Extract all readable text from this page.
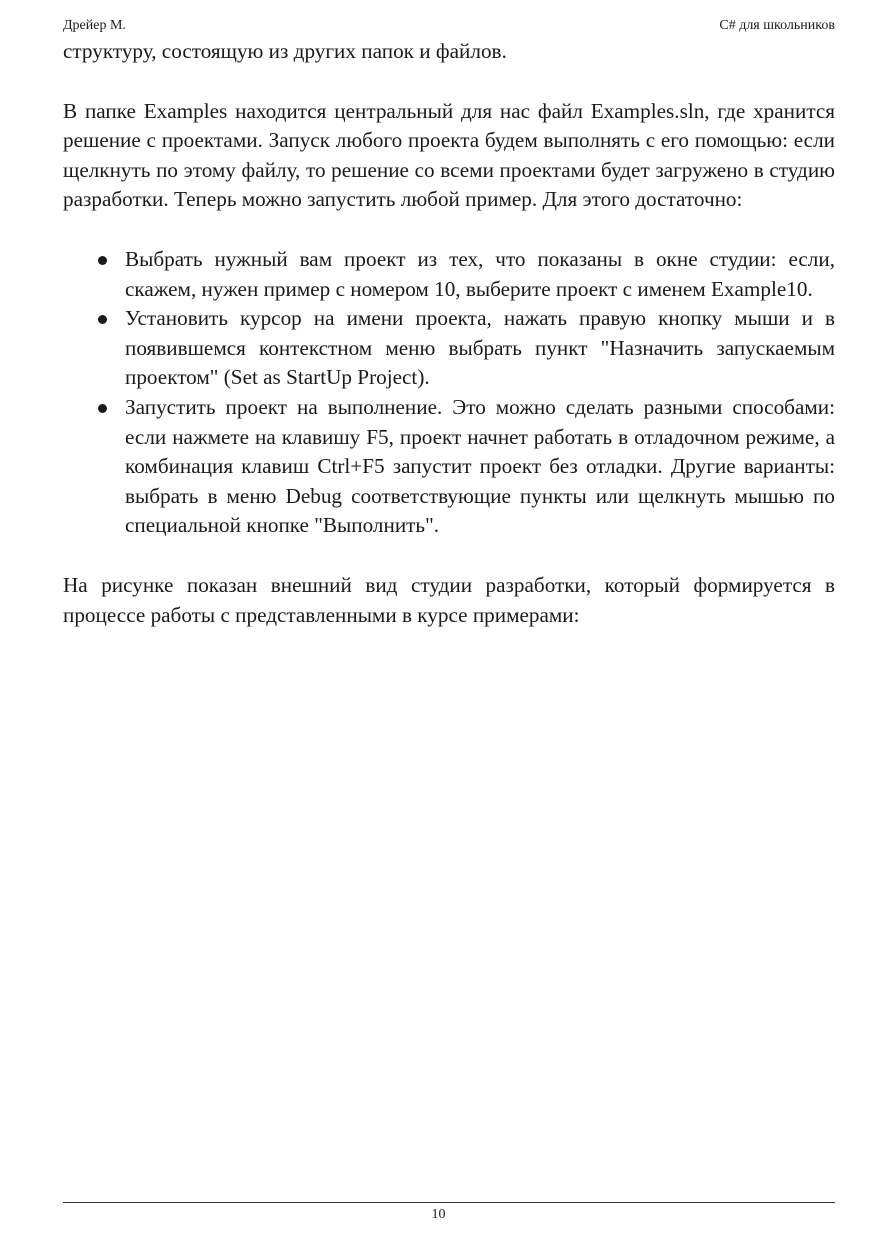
Дрейер М.	C# для школьников

структуру, состоящую из других папок и файлов.

В папке Examples находится центральный для нас файл Examples.sln, где хранится решение с проектами. Запуск любого проекта будем выполнять с его помощью: если щелкнуть по этому файлу, то решение со всеми проектами будет загружено в студию разработки. Теперь можно запустить любой пример. Для этого достаточно:

Выбрать нужный вам проект из тех, что показаны в окне студии: если, скажем, нужен пример с номером 10, выберите проект с именем Example10.
Установить курсор на имени проекта, нажать правую кнопку мыши и в появившемся контекстном меню выбрать пункт "Назначить запускаемым проектом" (Set as StartUp Project).
Запустить проект на выполнение. Это можно сделать разными способами: если нажмете на клавишу F5, проект начнет работать в отладочном режиме, а комбинация клавиш Ctrl+F5 запустит проект без отладки. Другие варианты: выбрать в меню Debug соответствующие пункты или щелкнуть мышью по специальной кнопке "Выполнить".

На рисунке показан внешний вид студии разработки, который формируется в процессе работы с представленными в курсе примерами:

10
